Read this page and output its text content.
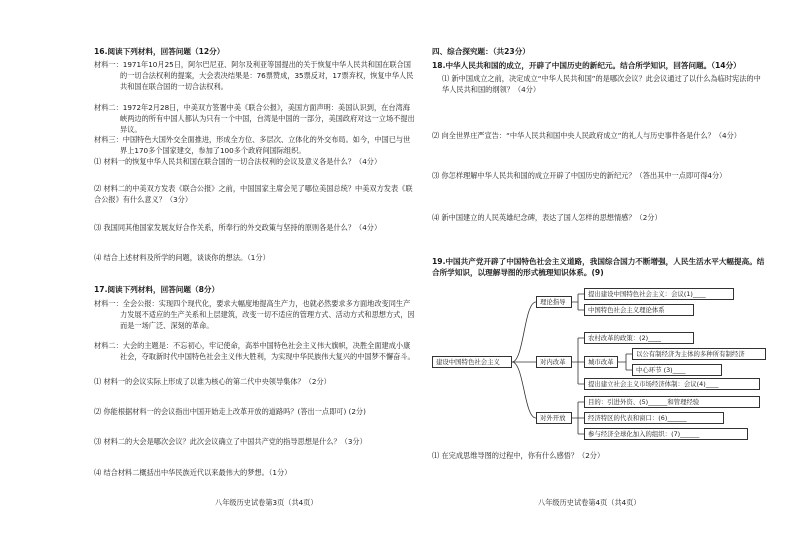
16.阅读下列材料，回答问题（12分）
材料一：1971年10月25日，阿尔巴尼亚、阿尔及利亚等国提出的关于恢复中华人民共和国在联合国的一切合法权利的提案，大会表决结果是：76票赞成，35票反对，17票弃权，恢复中华人民共和国在联合国的一切合法权利。
材料二：1972年2月28日，中美双方签署中美《联合公报》，美国方面声明：美国认识到，在台湾海峡两边的所有中国人都认为只有一个中国，台湾是中国的一部分，美国政府对这一立场不提出异议。
材料三：中国特色大国外交全面推进，形成全方位、多层次、立体化的外交布局。如今，中国已与世界上170多个国家建交，参加了100多个政府间国际组织。
⑴ 材料一的恢复中华人民共和国在联合国的一切合法权利的会议及意义各是什么？（4分）
⑵ 材料二的中美双方发表《联合公报》之前，中国国家主席会见了哪位美国总统？中美双方发表《联合公报》有什么意义？（3分）
⑶ 我国同其他国家发展友好合作关系，所奉行的外交政策与坚持的原则各是什么？（4分）
⑷ 结合上述材料及所学的问题，谈谈你的想法。（1分）
17.阅读下列材料，回答问题（8分）
材料一：全会公报：实现四个现代化，要求大幅度地提高生产力，也就必然要求多方面地改变同生产力发展不适应的生产关系和上层建筑，改变一切不适应的管理方式、活动方式和思想方式，因而是一场广泛、深刻的革命。
材料二：大会的主题是：不忘初心，牢记使命，高举中国特色社会主义伟大旗帜，决胜全面建成小康社会，夺取新时代中国特色社会主义伟大胜利，为实现中华民族伟大复兴的中国梦不懈奋斗。
⑴ 材料一的会议实际上形成了以谁为核心的第二代中央领导集体？（2分）
⑵ 你能根据材料一的会议指出中国开始走上改革开放的道路吗？(答出一点即可) (2分)
⑶ 材料二的大会是哪次会议？此次会议确立了中国共产党的指导思想是什么？（3分）
⑷ 结合材料二概括出中华民族近代以来最伟大的梦想。（1分）
八年级历史试卷第3页（共4页）
四、综合探究题：（共23分）
18.中华人民共和国的成立，开辟了中国历史的新纪元。结合所学知识，回答问题。（14分）
⑴ 新中国成立之前，决定成立“中华人民共和国”的是哪次会议？此会议通过了以什么為临时宪法的中华人民共和国的纲领？（4分）
⑵ 向全世界庄严宣告：“中华人民共和国中央人民政府成立”的礼人与历史事件各是什么？（4分）
⑶ 你怎样理解中华人民共和国的成立开辟了中国历史的新纪元？（答出其中一点即可得4分）
⑷ 新中国建立的人民英雄纪念碑，表达了国人怎样的思想情感？（2分）
19.中国共产党开辟了中国特色社会主义道路，我国综合国力不断增强，人民生活水平大幅提高。结合所学知识，以理解导图的形式梳理知识体系。(9)
建设中国特色社会主义
理论指导
提出建设中国特色社会主义：会议(1)____
中国特色社会主义理论体系
对内改革
农村改革的政策：(2)____
城市改革
以公有制经济为主体的多种所有制经济
中心环节 (3)____
提出建立社会主义市场经济体制：会议(4)____
对外开放
目的：引进外资、(5)______和管理经验
经济特区的代表和窗口：(6)______
参与经济全球化加入的组织：(7)______
⑴ 在完成思维导图的过程中，你有什么感悟？（2分）
八年级历史试卷第4页（共4页）
